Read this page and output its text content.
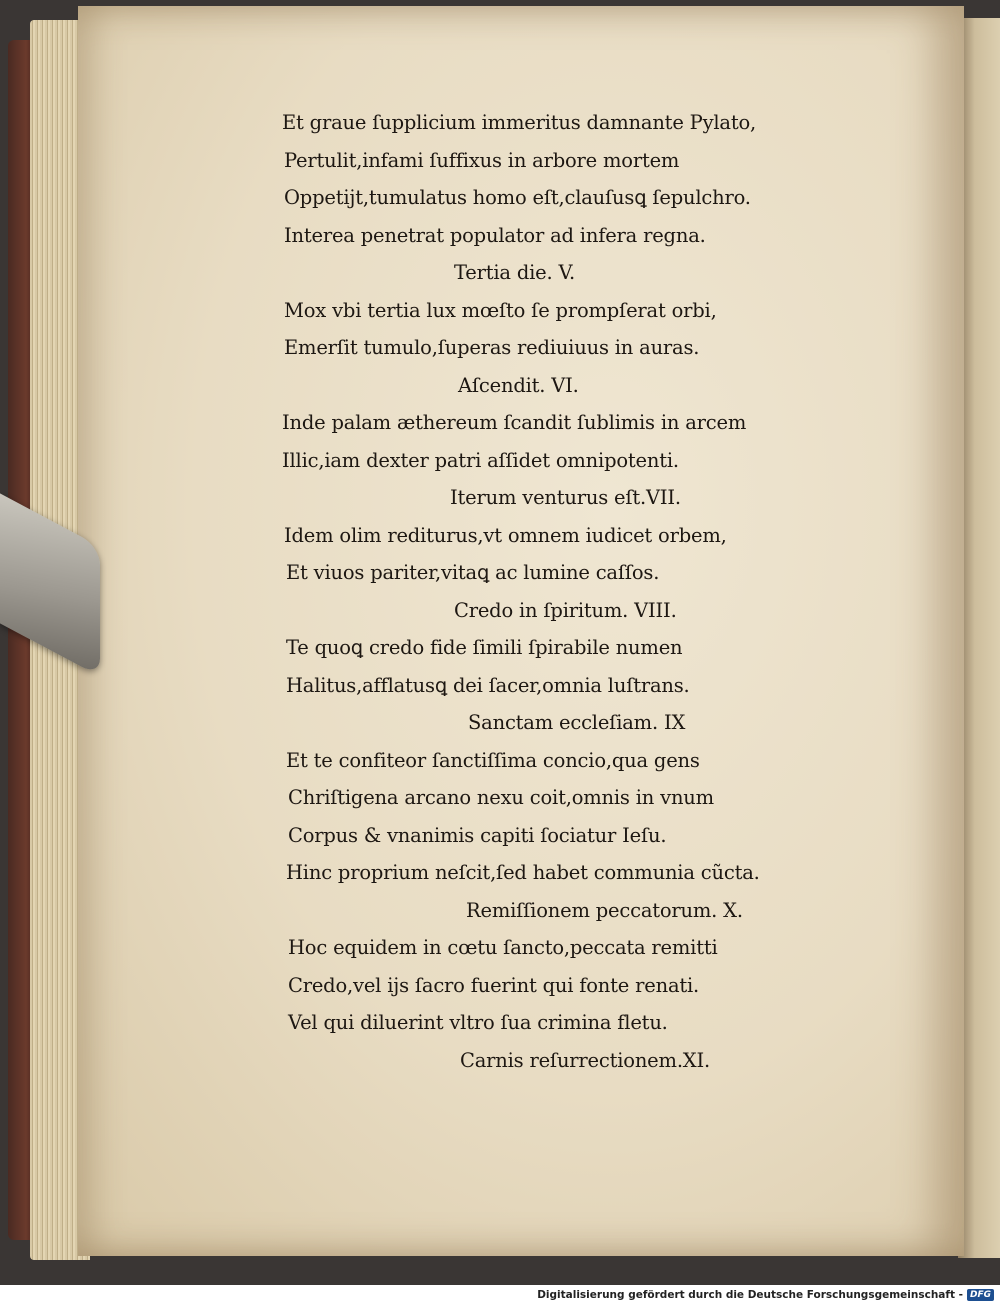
Et graue ſupplicium immeritus damnante Pylato,
Pertulit,infami ſuffixus in arbore mortem
Oppetijt,tumulatus homo eſt,clauſusꝗ ſepulchro.
Interea penetrat populator ad infera regna.
Tertia die. V.
Mox vbi tertia lux mœſto ſe prompſerat orbi,
Emerſit tumulo,ſuperas rediuiuus in auras.
Aſcendit. VI.
Inde palam æthereum ſcandit ſublimis in arcem
Illic,iam dexter patri aſſidet omnipotenti.
Iterum venturus eſt.VII.
Idem olim rediturus,vt omnem iudicet orbem,
Et viuos pariter,vitaꝗ ac lumine caſſos.
Credo in ſpiritum. VIII.
Te quoꝗ credo fide ſimili ſpirabile numen
Halitus,afflatusꝗ dei ſacer,omnia luſtrans.
Sanctam eccleſiam. IX
Et te confiteor ſanctiſſima concio,qua gens
Chriſtigena arcano nexu coit,omnis in vnum
Corpus & vnanimis capiti ſociatur Ieſu.
Hinc proprium neſcit,ſed habet communia cũcta.
Remiſſionem peccatorum. X.
Hoc equidem in cœtu ſancto,peccata remitti
Credo,vel ijs ſacro fuerint qui fonte renati.
Vel qui diluerint vltro ſua crimina fletu.
Carnis reſurrectionem.XI.
Digitalisierung gefördert durch die Deutsche Forschungsgemeinschaft - DFG
